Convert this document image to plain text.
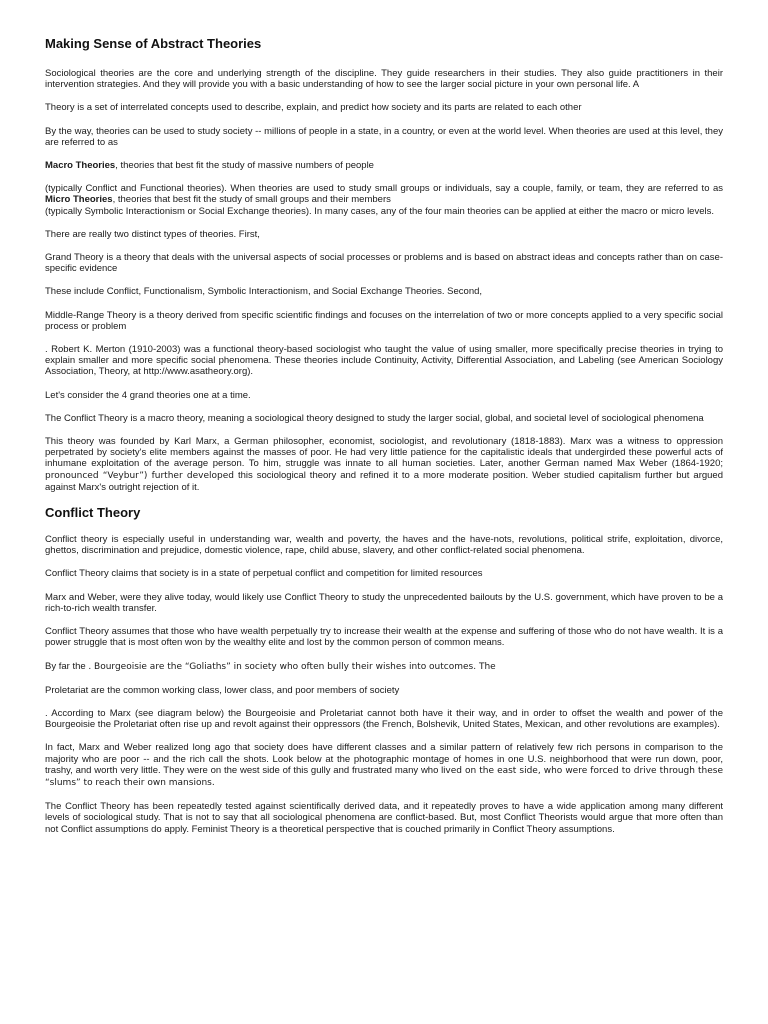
Making Sense of Abstract Theories

Sociological theories are the core and underlying strength of the discipline. They guide researchers in their studies. They also guide practitioners in their intervention strategies. And they will provide you with a basic understanding of how to see the larger social picture in your own personal life. A

Theory is a set of interrelated concepts used to describe, explain, and predict how society and its parts are related to each other

By the way, theories can be used to study society -- millions of people in a state, in a country, or even at the world level. When theories are used at this level, they are referred to as

Macro Theories, theories that best fit the study of massive numbers of people

(typically Conflict and Functional theories). When theories are used to study small groups or individuals, say a couple, family, or team, they are referred to as Micro Theories, theories that best fit the study of small groups and their members
(typically Symbolic Interactionism or Social Exchange theories). In many cases, any of the four main theories can be applied at either the macro or micro levels.

There are really two distinct types of theories. First,

Grand Theory is a theory that deals with the universal aspects of social processes or problems and is based on abstract ideas and concepts rather than on case-specific evidence

These include Conflict, Functionalism, Symbolic Interactionism, and Social Exchange Theories. Second,

Middle-Range Theory is a theory derived from specific scientific findings and focuses on the interrelation of two or more concepts applied to a very specific social process or problem

. Robert K. Merton (1910-2003) was a functional theory-based sociologist who taught the value of using smaller, more specifically precise theories in trying to explain smaller and more specific social phenomena. These theories include Continuity, Activity, Differential Association, and Labeling (see American Sociology Association, Theory, at http://www.asatheory.org).

Let's consider the 4 grand theories one at a time.

The Conflict Theory is a macro theory, meaning a sociological theory designed to study the larger social, global, and societal level of sociological phenomena

This theory was founded by Karl Marx, a German philosopher, economist, sociologist, and revolutionary (1818-1883). Marx was a witness to oppression perpetrated by society's elite members against the masses of poor. He had very little patience for the capitalistic ideals that undergirded these powerful acts of inhumane exploitation of the average person. To him, struggle was innate to all human societies. Later, another German named Max Weber (1864-1920; pronounced “Veybur”) further developed this sociological theory and refined it to a more moderate position. Weber studied capitalism further but argued against Marx's outright rejection of it.

Conflict Theory

Conflict theory is especially useful in understanding war, wealth and poverty, the haves and the have-nots, revolutions, political strife, exploitation, divorce, ghettos, discrimination and prejudice, domestic violence, rape, child abuse, slavery, and other conflict-related social phenomena.

Conflict Theory claims that society is in a state of perpetual conflict and competition for limited resources

Marx and Weber, were they alive today, would likely use Conflict Theory to study the unprecedented bailouts by the U.S. government, which have proven to be a rich-to-rich wealth transfer.

Conflict Theory assumes that those who have wealth perpetually try to increase their wealth at the expense and suffering of those who do not have wealth. It is a power struggle that is most often won by the wealthy elite and lost by the common person of common means.

By far the . Bourgeoisie are the “Goliaths” in society who often bully their wishes into outcomes. The

Proletariat are the common working class, lower class, and poor members of society

. According to Marx (see diagram below) the Bourgeoisie and Proletariat cannot both have it their way, and in order to offset the wealth and power of the Bourgeoisie the Proletariat often rise up and revolt against their oppressors (the French, Bolshevik, United States, Mexican, and other revolutions are examples).

In fact, Marx and Weber realized long ago that society does have different classes and a similar pattern of relatively few rich persons in comparison to the majority who are poor -- and the rich call the shots. Look below at the photographic montage of homes in one U.S. neighborhood that were run down, poor, trashy, and worth very little. They were on the west side of this gully and frustrated many who lived on the east side, who were forced to drive through these “slums” to reach their own mansions.

The Conflict Theory has been repeatedly tested against scientifically derived data, and it repeatedly proves to have a wide application among many different levels of sociological study. That is not to say that all sociological phenomena are conflict-based. But, most Conflict Theorists would argue that more often than not Conflict assumptions do apply. Feminist Theory is a theoretical perspective that is couched primarily in Conflict Theory assumptions.
